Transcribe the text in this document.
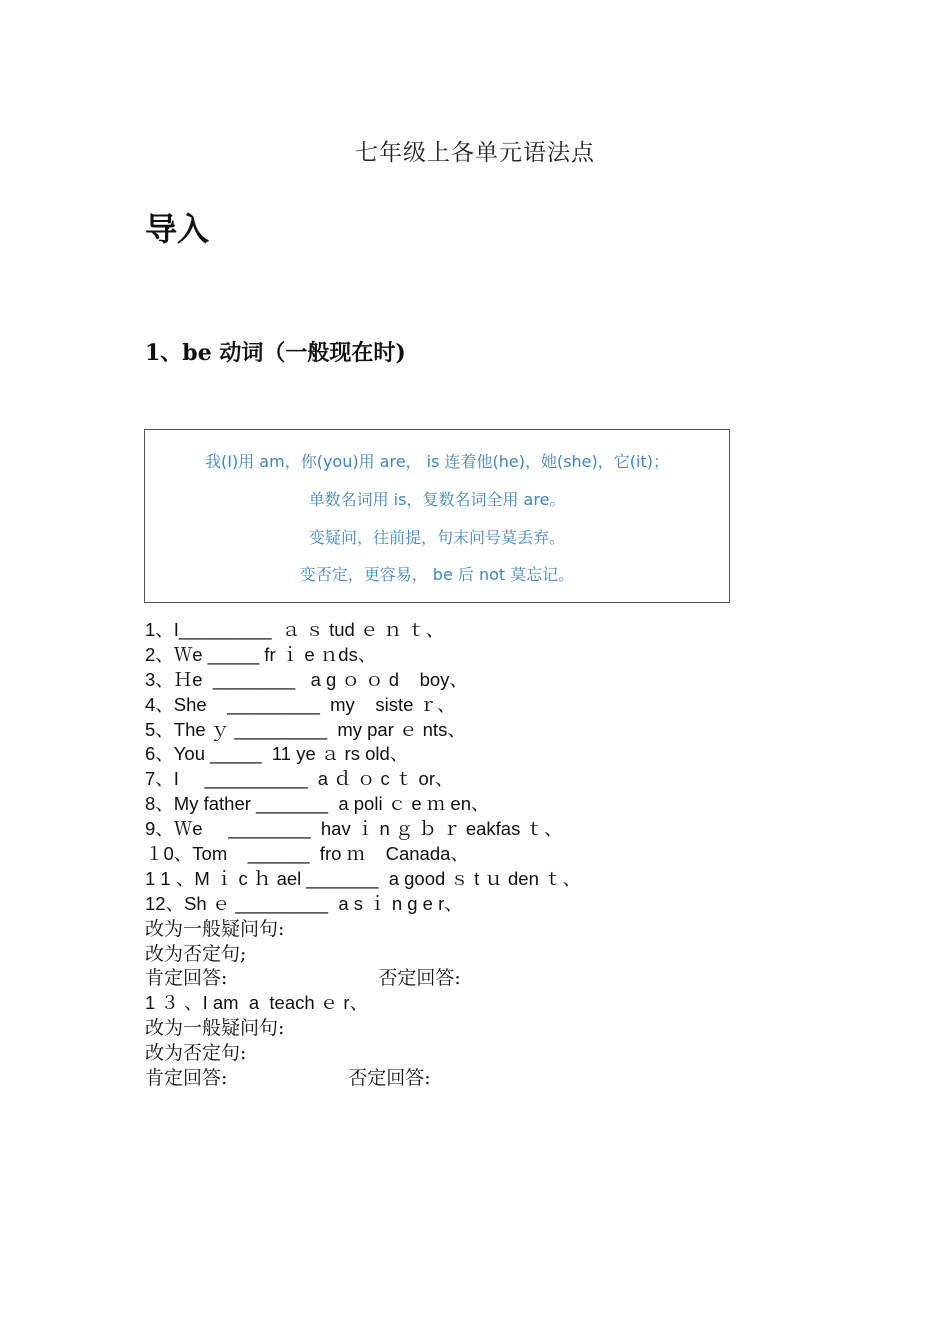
七年级上各单元语法点
导入
1、be 动词（一般现在时)
我(I)用 am，你(you)用 are， is 连着他(he)，她(she)，它(it)；
单数名词用 is，复数名词全用 are。
变疑问，往前提，句末问号莫丢弃。
变否定，更容易， be 后 not 莫忘记。
1、I_________  ａ ｓ tud ｅ ｎ ｔ、
2、Ｗe _____ fr ｉ e ｎds、
3、Ｈe  ________   a g ｏ ｏ d    boy、
4、She    _________  my    siste ｒ、
5、The ｙ _________  my par ｅ nts、
6、You _____  11 ye ａ rs old、
7、I     __________  a ｄ ｏ c ｔ or、
8、My father _______  a poli ｃ e ｍ en、
9、Ｗe     ________  hav ｉ n ｇ ｂ ｒ eakfas ｔ、
１0、Tom    ______  fro ｍ    Canada、
1 1 、M ｉ c ｈ ael _______  a good ｓ t ｕ den ｔ、
12、Sh ｅ _________  a s ｉ n g e r、
改为一般疑问句:
改为否定句;
肯定回答:                         否定回答:
1 ３ 、I am  a  teach ｅ r、
改为一般疑问句:
改为否定句:
肯定回答:                    否定回答:
